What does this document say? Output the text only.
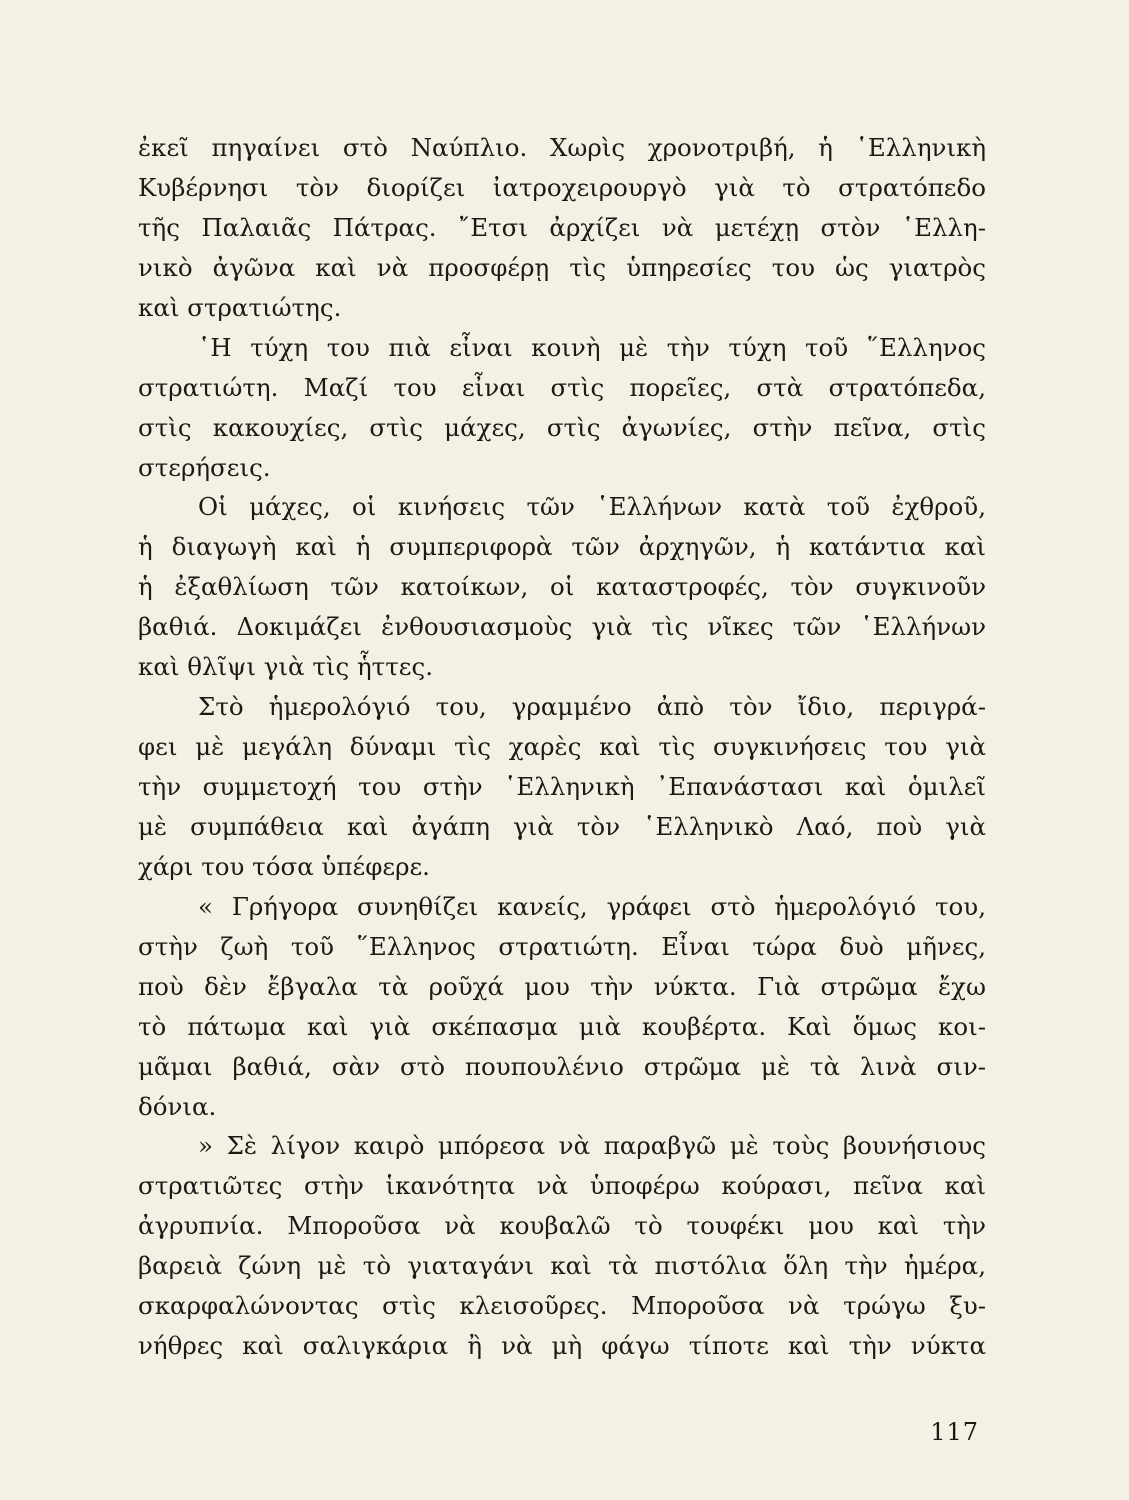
ἐκεῖ πηγαίνει στὸ Ναύπλιο. Χωρὶς χρονοτριβή, ἡ ῾Ελληνικὴ
Κυβέρνησι τὸν διορίζει ἰατροχειρουργὸ γιὰ τὸ στρατόπεδο
τῆς Παλαιᾶς Πάτρας. ῎Ετσι ἀρχίζει νὰ μετέχῃ στὸν ῾Ελλη-
νικὸ ἀγῶνα καὶ νὰ προσφέρῃ τὶς ὑπηρεσίες του ὡς γιατρὸς
καὶ στρατιώτης.
῾Η τύχη του πιὰ εἶναι κοινὴ μὲ τὴν τύχη τοῦ ῞Ελληνος
στρατιώτη. Μαζί του εἶναι στὶς πορεῖες, στὰ στρατόπεδα,
στὶς κακουχίες, στὶς μάχες, στὶς ἀγωνίες, στὴν πεῖνα, στὶς
στερήσεις.
Οἱ μάχες, οἱ κινήσεις τῶν ῾Ελλήνων κατὰ τοῦ ἐχθροῦ,
ἡ διαγωγὴ καὶ ἡ συμπεριφορὰ τῶν ἀρχηγῶν, ἡ κατάντια καὶ
ἡ ἐξαθλίωση τῶν κατοίκων, οἱ καταστροφές, τὸν συγκινοῦν
βαθιά. Δοκιμάζει ἐνθουσιασμοὺς γιὰ τὶς νῖκες τῶν ῾Ελλήνων
καὶ θλῖψι γιὰ τὶς ἧττες.
Στὸ ἡμερολόγιό του, γραμμένο ἀπὸ τὸν ἴδιο, περιγρά-
φει μὲ μεγάλη δύναμι τὶς χαρὲς καὶ τὶς συγκινήσεις του γιὰ
τὴν συμμετοχή του στὴν ῾Ελληνικὴ ᾿Επανάστασι καὶ ὁμιλεῖ
μὲ συμπάθεια καὶ ἀγάπη γιὰ τὸν ῾Ελληνικὸ Λαό, ποὺ γιὰ
χάρι του τόσα ὑπέφερε.
« Γρήγορα συνηθίζει κανείς, γράφει στὸ ἡμερολόγιό του,
στὴν ζωὴ τοῦ ῞Ελληνος στρατιώτη. Εἶναι τώρα δυὸ μῆνες,
ποὺ δὲν ἔβγαλα τὰ ροῦχά μου τὴν νύκτα. Γιὰ στρῶμα ἔχω
τὸ πάτωμα καὶ γιὰ σκέπασμα μιὰ κουβέρτα. Καὶ ὅμως κοι-
μᾶμαι βαθιά, σὰν στὸ πουπουλένιο στρῶμα μὲ τὰ λινὰ σιν-
δόνια.
» Σὲ λίγον καιρὸ μπόρεσα νὰ παραβγῶ μὲ τοὺς βουνήσιους
στρατιῶτες στὴν ἱκανότητα νὰ ὑποφέρω κούρασι, πεῖνα καὶ
ἀγρυπνία. Μποροῦσα νὰ κουβαλῶ τὸ τουφέκι μου καὶ τὴν
βαρειὰ ζώνη μὲ τὸ γιαταγάνι καὶ τὰ πιστόλια ὅλη τὴν ἡμέρα,
σκαρφαλώνοντας στὶς κλεισοῦρες. Μποροῦσα νὰ τρώγω ξυ-
νήθρες καὶ σαλιγκάρια ἢ νὰ μὴ φάγω τίποτε καὶ τὴν νύκτα
117
